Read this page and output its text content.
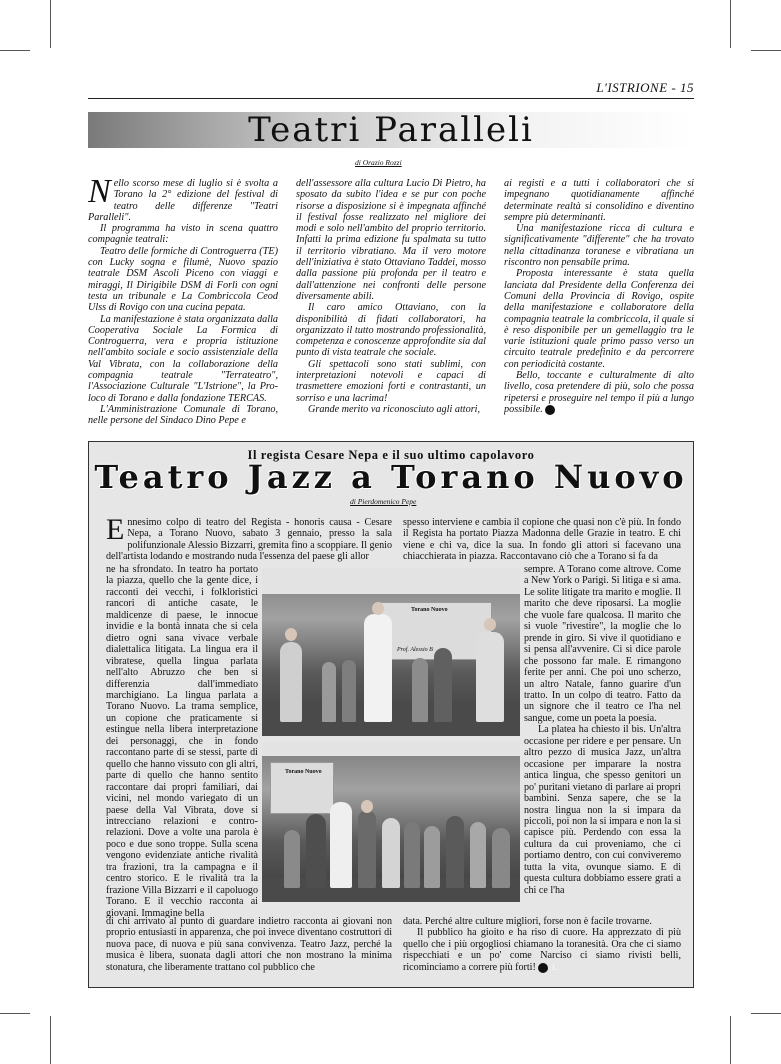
L'ISTRIONE - 15
Teatri Paralleli
di Orazio Rozzi
N ello scorso mese di luglio si è svolta a Torano la 2° edizione del festival di teatro delle differenze "Teatri Paralleli".

Il programma ha visto in scena quattro compagnie teatrali:

Teatro delle formiche di Controguerra (TE) con Lucky sogna e filumè, Nuovo spazio teatrale DSM Ascoli Piceno con viaggi e miraggi, Il Dirigibile DSM di Forlì con ogni testa un tribunale e La Combriccola Ceod Ulss di Rovigo con una cucina pepata.

La manifestazione è stata organizzata dalla Cooperativa Sociale La Formica di Controguerra, vera e propria istituzione nell'ambito sociale e socio assistenziale della Val Vibrata, con la collaborazione della compagnia teatrale "Terrateatro", l'Associazione Culturale "L'Istrione", la Pro-loco di Torano e dalla fondazione TERCAS.

L'Amministrazione Comunale di Torano, nelle persone del Sindaco Dino Pepe e

dell'assessore alla cultura Lucio Di Pietro, ha sposato da subito l'idea e se pur con poche risorse a disposizione si è impegnata affinché il festival fosse realizzato nel migliore dei modi e solo nell'ambito del proprio territorio. Infatti la prima edizione fu spalmata su tutto il territorio vibratiano. Ma il vero motore dell'iniziativa è stato Ottaviano Taddei, mosso dalla passione più profonda per il teatro e dall'attenzione nei confronti delle persone diversamente abili.

Il caro amico Ottaviano, con la disponibilità di fidati collaboratori, ha organizzato il tutto mostrando professionalità, competenza e conoscenze approfondite sia dal punto di vista teatrale che sociale.

Gli spettacoli sono stati sublimi, con interpretazioni notevoli e capaci di trasmettere emozioni forti e contrastanti, un sorriso e una lacrima!

Grande merito va riconosciuto agli attori,

ai registi e a tutti i collaboratori che si impegnano quotidianamente affinché determinate realtà si consolidino e diventino sempre più determinanti.

Una manifestazione ricca di cultura e significativamente "differente" che ha trovato nella cittadinanza toranese e vibratiana un riscontro non pensabile prima.

Proposta interessante è stata quella lanciata dal Presidente della Conferenza dei Comuni della Provincia di Rovigo, ospite della manifestazione e collaboratore della compagnia teatrale la combriccola, il quale si è reso disponibile per un gemellaggio tra le varie istituzioni quale primo passo verso un circuito teatrale predefinito e da percorrere con periodicità costante.

Bello, toccante e culturalmente di alto livello, cosa pretendere di più, solo che possa ripetersi e proseguire nel tempo il più a lungo possibile. L

Il regista Cesare Nepa e il suo ultimo capolavoro
Teatro Jazz a Torano Nuovo
di Pierdomenico Pepe
E nnesimo colpo di teatro del Regista - honoris causa - Cesare Nepa, a Torano Nuovo, sabato 3 gennaio, presso la sala polifunzionale Alessio Bizzarri, gremita fino a scoppiare. Il genio dell'artista lodando e mostrando nuda l'essenza del paese gli allor

ne ha sfrondato. In teatro ha portato la piazza, quello che la gente dice, i racconti dei vecchi, i folkloristici rancori di antiche casate, le maldicenze di paese, le innocue invidie e la bontà innata che si cela dietro ogni sana vivace verbale dialettalica litigata. La lingua era il vibratese, quella lingua parlata nell'alto Abruzzo che ben si differenzia dall'immediato marchigiano. La lingua parlata a Torano Nuovo. La trama semplice, un copione che praticamente si estingue nella libera interpretazione dei personaggi, che in fondo raccontano parte di se stessi, parte di quello che hanno vissuto con gli altri, parte di quello che hanno sentito raccontare dai propri familiari, dai vicini, nel mondo variegato di un paese della Val Vibrata, dove si intrecciano relazioni e contro-relazioni. Dove a volte una parola è poco e due sono troppe. Sulla scena vengono evidenziate antiche rivalità tra frazioni, tra la campagna e il centro storico. E le rivalità tra la frazione Villa Bizzarri e il capoluogo Torano. E il vecchio racconta ai giovani. Immagine bella

di chi arrivato al punto di guardare indietro racconta ai giovani non proprio entusiasti in apparenza, che poi invece diventano costruttori di nuova pace, di nuova e più sana convivenza. Teatro Jazz, perché la musica è libera, suonata dagli attori che non mostrano la minima stonatura, che liberamente trattano col pubblico che

spesso interviene e cambia il copione che quasi non c'è più. In fondo il Regista ha portato Piazza Madonna delle Grazie in teatro. E chi viene e chi va, dice la sua. In fondo gli attori si facevano una chiacchierata in piazza. Raccontavano ciò che a Torano si fa da

sempre. A Torano come altrove. Come a New York o Parigi. Si litiga e si ama. Le solite litigate tra marito e moglie. Il marito che deve riposarsi. La moglie che vuole fare qualcosa. Il marito che si vuole "rivestire", la moglie che lo prende in giro. Si vive il quotidiano e si pensa all'avvenire. Ci si dice parole che possono far male. E rimangono ferite per anni. Che poi uno scherzo, un altro Natale, fanno guarire d'un tratto. In un colpo di teatro. Fatto da un signore che il teatro ce l'ha nel sangue, come un poeta la poesia.

La platea ha chiesto il bis. Un'altra occasione per ridere e per pensare. Un altro pezzo di musica Jazz, un'altra occasione per imparare la nostra antica lingua, che spesso genitori un po' puritani vietano di parlare ai propri bambini. Senza sapere, che se la nostra lingua non la si impara da piccoli, poi non la si impara e non la si capisce più. Perdendo con essa la cultura da cui proveniamo, che ci portiamo dentro, con cui conviveremo tutta la vita, ovunque siamo. E di questa cultura dobbiamo essere grati a chi ce l'ha

data. Perché altre culture migliori, forse non è facile trovarne.

Il pubblico ha gioito e ha riso di cuore. Ha apprezzato di più quello che i più orgogliosi chiamano la toranesità. Ora che ci siamo rispecchiati e un po' come Narciso ci siamo rivisti belli, ricominciamo a correre più forti! L

Torano Nuovo
Prof. Alessio B
Torano Nuovo
